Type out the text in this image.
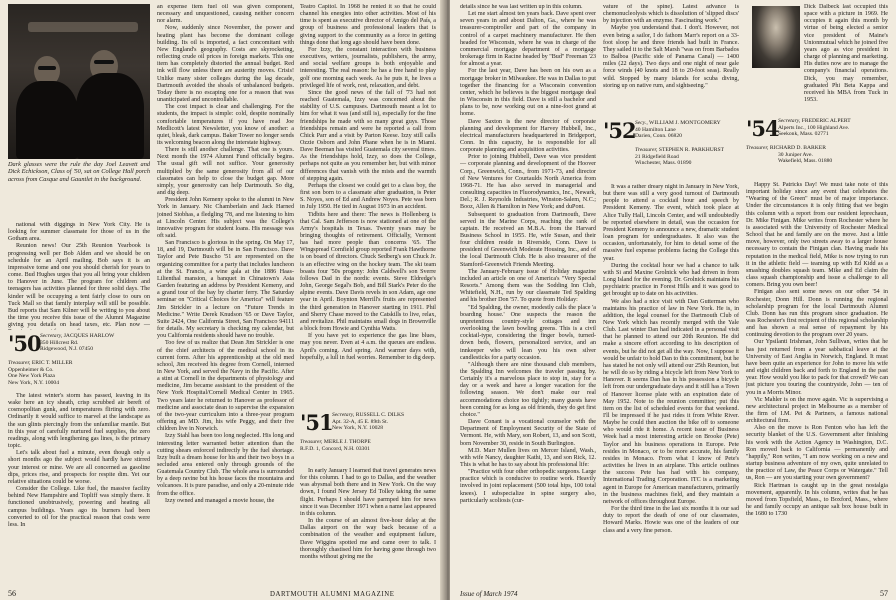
Dark glasses were the rule the day Joel Leavett and Dick Echickson, Class of '50, sat on College Hall porch across from Casque and Gauntlet in the background.

national with diggings in New York City. He is looking for summer classmate for those of us in the Gotham area.

Reunion news! Our 25th Reunion Yearbook is progressing well per Bob Alden and we should be on schedule for an April mailing. Bob says it is an impressive tome and one you should cherish for years to come. Bud Hughes urges that you all bring your children to Hanover in June. The program for children and teenagers has activities planned for three solid days. The kinder will be occupying a tent fairly close to ours on Tuck Mall so that family interplay will still be possible. Bud reports that Sam Kilner will be writing to you about the time you receive this issue of the Alumni Magazine giving you details on head taxes, etc. Plan now —

'50 Secretary, JACQUES HARLOW
350 Hillcrest Rd.
Ridgewood, N.J. 07450
Treasurer, ERIC T. MILLER
Oppenheimer & Co.
One New York Plaza
New York, N.Y. 10004

The latest winter's storm has passed, leaving in its wake here an icy sheath, crisp scrubbed air bereft of cosmopolitan gunk, and temperatures flirting with zero. Ordinarily it would suffice to marvel at the landscape as the sun glints piercingly from the unfamiliar mantle. But in this year of carefully nurtured fuel supplies, the zero readings, along with lengthening gas lines, is the primary topic.

Let's talk about fuel a minute, even though only a short months ago the subject would hardly have stirred your interest or mine. We are all concerned as gasoline dips, prices rise, and prospects for respite dim. Yet our relative situations could be worse.

Consider the College. Like fuel, the massive facility behind New Hampshire and Topliff was simply there. It functioned unobtrusively, powering and heating all campus buildings. Years ago its burners had been converted to oil for the practical reason that costs were less. In

an expense item fuel oil was given component, necessary and unquestioned, causing neither concern nor alarm.

Now, suddenly since November, the power and heating plant has become the dominant college building. Its oil is imported, a fact concomitant with New England's geography. Costs are skyrocketing, reflecting crude oil prices in foreign markets. This one item has completely distorted the annual budget. Red ink will flow unless there are austerity moves. Crisis! Unlike many sister colleges during the lag decade, Dartmouth avoided the shoals of unbalanced budgets. Today there is no escaping one for a reason that was unanticipated and uncontrollable.

The cost impact is clear and challenging. For the students, the impact is simple: cold, despite nominally comfortable temperatures if you have read Joe Medlicott's latest Newsletter, you know of another: a quiet, bleak, dark campus. Baker Tower no longer sends its welcoming beacon along the interstate highway.

There is still another challenge. That one is yours. Next month the 1974 Alumni Fund officially begins. The usual gift will not suffice. Your generosity multiplied by the same generosity from all of our classmates can help to close the budget gap. More simply, your generosity can help Dartmouth. So dig, and dig deep.

President John Kemeny spoke to the alumni in New York in January. Nic Chamberlain and Jack Harned joined Siobhas, a fledgling '78, and me listening to him at Lincoln Center. His subject was the College's innovative program for student loans. His message was oft said.

San Francisco is glorious in the spring. On May 17, 18, and 19, Dartmouth will be in San Francisco. Dave Taylor and Pete Buscho '51 are represented on the organizing committee for a party that includes luncheon at the St. Francis, a wine gala at the 1886 Haas-Lilienthal mansion, a banquet in Chinatown's Asia Garden featuring an address by President Kemeny, and a grand tour of the bay by charter ferry. The Saturday seminar on "Critical Choices for America" will feature Jim Strickler in a lecture on "Future Trends in Medicine." Write Derek Knudson '65 or Dave Taylor, Suite 2424, One California Street, San Francisco 94111 for details. My secretary is checking my calendar, but you California residents should have no trouble.

Too few of us realize that Dean Jim Strickler is one of the chief architects of the medical school in its current form. After his apprenticeship at the old med school, Jim received his degree from Cornell, interned in New York, and served the Navy in the Pacific. After a stint at Cornell in the departments of physiology and medicine, Jim became assistant to the president of the New York Hospital/Cornell Medical Center in 1965. Two years later he returned to Hanover as professor of medicine and associate dean to supervise the expansion of the two-year curriculum into a three-year program offering an MD. Jim, his wife Peggy, and their five children live in Norwich.

Izzy Stahl has been too long neglected. His long and interesting letter warranted better attention than the cutting shears enforced indirectly by the fuel shortage. Izzy built a dream house for his and their two boys in a secluded area entered only through grounds of the Guatemala Country Club. The whole area is surrounded by a deep ravine but his house faces the mountains and volcanoes. It is pure paradise, and only a 20-minute ride from the office.

Izzy owned and managed a movie house, the

Teatro Capitol. In 1968 he rented it so that he could channel his energies into other activities. Most of his time is spent as executive director of Amigo del País, a group of business and professional leaders that is giving support to the community as a force in getting things done that long ago should have been done.

For Izzy, the constant interaction with business executives, writers, journalists, publishers, the army, and social welfare groups is both enjoyable and interesting. The real reason: he has a free hand to play golf one morning each week. As he puts it, he lives a privileged life of work, rest, relaxation, and debt.

Since the good news of the fall of '73 had not reached Guatemala, Izzy was concerned about the stability of U.S. campuses. Dartmouth meant a lot to him for what it was (and still is), especially for the fine friendships he made with so many great guys. Those friendships remain and were he reported a call from Chick Parr and a visit by Parton Keese. Izzy still calls Ozzie Osborn and John Phane when he is in Miami. Dave Beeman has visited Guatemala city several times. As the friendships hold, Izzy, so does the College, perhaps not quite as you remember her, but with minor differences that vanish with the mists and the warmth of stepping again.

Perhaps the closest we could get to a class boy, the first son born to a classmate after graduation, is Peter S. Noyes, son of Ed and Andrew Noyes. Pete was born in July 1950. He tied in August 1973 in an accident.

Tidbits here and there: The news is Hollenberg is that Cal. Sam Jefferson is now stationed at one of the Army's hospitals in Texas. Twenty years may be bringing thoughts of retirement. Officially, Vermont has had more people than concerns '65. The Wingspread Cornfield group reported Frank Hawthorne is on board of directors. Chuck Sedberg's son Chuck Jr. is an effective wing on the hockey team. The ski team boasts four '50s progeny: John Caldwell's son Sverre follows Dad in the nordic events. Steve Eldredge's John, George Segal's Bob, and Bill Stark's Peter do the alpine events. Dave Davis revels in son Adam, age one year in April. Boynton Merrill's fruits are represented the third generation in Hanover starting in 1911. Phil and Sherry Chase moved to the Catskills to live, relax, and revitalize. Phil maintains small dogs in Brownville a block from Howie and Cynthia Watts.

If you have yet to experience the gas line blues, may you never. Even at 4 a.m. the queues are endless. April's coming. And spring. And warmer days with, hopefully, a lull in fuel worries. Remember to dig deep.

'51 Secretary, RUSSELL C. DILKS
Apt. 32-A, 45 E. 89th St.
New York, N.Y. 10028
Treasurer, MERLE J. THORPE
R.F.D. 1, Concord, N.H. 03301

In early January I learned that travel generates news for this column. I had to go to Dallas, and the weather was abysmal both there and in New York. On the way down, I found New Jersey Ed Tolley taking the same flight. Perhaps I should have parmped him for news since it was December 1971 when a name last appeared in this column.

In the course of an almost five-hour delay at the Dallas airport on the way back because of a combination of the weather and equipment failure, Dave Wiggins spotted me and came over to talk. I thoroughly chastised him for having gone through two months without giving me the

56	DARTMOUTH ALUMNI MAGAZINE

details since he was last written up in this column.

Let me start almost ten years back. Dave spent over seven years in and about Dalton, Ga., where he was treasurer-comptroller and part of the company in control of a carpet machinery manufacturer. He then headed for Wisconsin, where he was in charge of the commercial mortgage department of a mortgage brokerage firm in Racine headed by "Bud" Freeman '23 for almost a year.

For the last year, Dave has been on his own as a mortgage broker in Milwaukee. He was in Dallas to put together the financing for a Wisconsin convention center, which he believes is the biggest mortgage deal in Wisconsin in this field. Dave is still a bachelor and plans to be, now working out on a nine-foot grand at home.

Dave Saxton is the new director of corporate planning and development for Harvey Hubbell, Inc., electrical manufacturers headquartered in Bridgeport, Conn. In this capacity, he is responsible for all corporate planning and acquisition activities.

Prior to joining Hubbell, Dave was vice president — corporate planning and development of the Hoover Corp., Greenwich, Conn., from 1971-73, and director of New Ventures for Courtaulds North America from 1968-71. He has also served in managerial and consulting capacities in Fluorodynamics, Inc., Newark, Del.; R. J. Reynolds Industries, Winston-Salem, N.C.; Booz, Allen & Hamilton in New York; and duPont.

Subsequent to graduation from Dartmouth, Dave served in the Marine Corps, reaching the rank of captain. He received an M.B.A. from the Harvard Business School in 1955. He, wife Susan, and their four children reside in Riverside, Conn. Dave is president of Greenwich Moderate Housing, Inc., and of the local Dartmouth Club. He is also treasurer of the Stamford-Greenwich Friends Meeting.

The January-February issue of Holiday magazine included an article on one of America's "Very Special Resorts." Among them was the Sodding Inn Club, Whitefield, N.H., run by our classmate Ted Spalding and his brother Don '57. To quote from Holiday:

"Ed Spalding, the owner, modestly calls the place 'a boarding house.' One suspects the reason the unpretentious country-style cottages and inn overlooking the lawn bowling greens. This is a civil cocktail-type, considering the finger bowls, turned-down beds, flowers, personalized service, and an innkeeper who will lean you his own silver candlesticks for a party occasion.

"Although there are nine thousand club members, the Spalding Inn welcomes the traveler passing by. Certainly it's a marvelous place to stop in, stay for a day or a week and have a longer vacation for the following season. We don't make our real accommodations choice too tightly; many guests have been coming for as long as old friends, they do get first choice."

Dave Conant is a vocational counselor with the Department of Employment Security of the State of Vermont. He, with Mary, son Robert, 13, and son Scott, born November 30, reside in South Burlington.

M.D. Marr Mullen lives on Mercer Island, Wash., with wife Nancy, daughter Kathi, 13, and son Rick, 12. This is what he has to say about his professional life:

"Practice with four other orthopedic surgeons. Large practice which is conducive to routine work. Heavily involved in joint replacement (500 total hips, 100 total knees). I subspecialize in spine surgery also, particularly scoliosis (cur-

vature of the spine). Latest advance is chemonucleolysis which is dissolution of 'slipped discs' by injection with an enzyme. Fascinating work."

Maybe you understand that. I don't. However, not even being a sailor, I do fathom Marr's report on a 33-foot sloop he and three friends had built in France. They sailed it to the Salt Marsh "was on from Barbados to Balboa (Pacific side of Panama Canal) — 1400 miles (22 days). Two days and one night of near gale force winds (40 knots and 18 to 20-foot seas). Really wild. Stopped by many islands for scuba diving, storing up on native rum, and sightseeing."

'52 Secy., WILLIAM J. MONTGOMERY
40 Hamilton Lane
Darien, Conn. 06820
Treasurer, STEPHEN R. PARKHURST
21 Ridgefield Road
Winchester, Mass. 01890

It was a rather dreary night in January in New York, but there was still a very good turnout of Dartmouth people to attend a cocktail hour and speech by President Kemeny. The event, which took place at Alice Tully Hall, Lincoln Center, and will undoubtedly be reported elsewhere in detail, was the occasion for President Kemeny to announce a new, dramatic student loan program for undergraduates. It also was the occasion, unfortunately, for him to detail some of the massive fuel expense problems facing the College this year.

During the cocktail hour we had a chance to talk with Si and Maxine Grolnick who had driven in from Long Island for the evening. Dr. Grolnick maintains his psychiatric practice in Forest Hills and it was good to get brought up to date on his activities.

We also had a nice visit with Dan Gutterman who maintains his practice of law in New York. He is, in addition, the legal counsel for the Dartmouth Club of New York which has recently merged with the Yale Club. Last winter Dan had indicated in a personal visit that he planned to attend our 20th Reunion. He did make a sincere effort according to his description of events, but he did not get all the way. Now, I suppose it would be unfair to hold Dan to this commitment, but he has stated he not only will attend our 25th Reunion, but he will do so by riding a bicycle left from New York to Hanover. It seems Dan has in his possession a bicycle left from our undergraduate days and it still has a Town of Hanover license plate with an expiration date of May 1952. Note to the reunion committee; put this item on the list of scheduled events for that weekend. I'll be impressed if he just rides it from White River. Maybe he could then auction the bike off to someone who would ride it home. A recent issue of Business Week had a most interesting article on Brooke (Pete) Taylor and his business operations in Europe. Pete resides in Monaco, or to be more accurate, his family resides in Monaco. From what I know of Pete's activities he lives in an airplane. This article outlines the success Pete has had with his company, International Trading Corporation. ITC is a marketing agent in Europe for American manufacturers, primarily in the business machines field, and they maintain a network of offices throughout Europe.

For the third time in the last six months it is our sad duty to report the death of one of our classmates, Howard Marks. Howie was one of the leaders of our class and a very fine person.

Dick Dalbeck last occupied this space with a picture in 1969. He occupies it again this month by virtue of being elected a senior vice president of Maine's Unionmutual which he joined five years ago as vice president in charge of planning and marketing. His duties now are to manage the company's financial operations. Dick, you may remember, graduated Phi Beta Kappa and received his MBA from Tuck in 1953.

'54 Secretary, FREDERIC ALPERT
Alperts Inc., 100 Highland Ave.
Seekonk, Mass. 02771
Treasurer, RICHARD D. BARKER
30 Juniper Ave.
Wakefield, Mass. 01880

Happy St. Patricks Day! We must take note of this important holiday since any event that celebrates the "Wearing of the Green" must be of major importance. Under the circumstances it is only fitting that we begin this column with a report from our resident leprechaun, Dr. Mike Finigan. Mike writes from Rochester where he is associated with the University of Rochester Medical School that he and family are on the move. Just a little move, however, only two streets away to a larger house necessary to contain the Finigan clan. Having made his reputation in the medical field, Mike is now trying to run it in the athletic field — teaming up with Ed Kidd as a smashing doubles squash team. Mike and Ed claim the class squash championship and issue a challenge to all comers. Bring you own beer!

Finigan also sent some news on our other '54 in Rochester, Donn Hill. Donn is running the regional scholarship program for the local Dartmouth Alumni Club. Donn has run this program since graduation. He was Rochester's first recipient of this regional scholarship and has shown a real sense of repayment by his continuing devotion to the program over 20 years.

Our Ypsilanti Irishman, John Sullivan, writes that he has just returned from a year sabbatical leave at the University of East Anglia in Norwich, England. It must have been quite an experience for John to move his wife and eight children back and forth to England in the past year. How would you like to pack for that crowd? We can just picture you touring the countryside, John — ten of you in a Morris Minor.

Vic Mahler is on the move again. Vic is supervising a new architectural project in Melbourne as a member of the firm of I.M. Pei & Partners, a famous national architectural firm.

Also on the move is Ron Fenton who has left the security blanket of the U.S. Government after finishing his work with the Action Agency in Washington, D.C. Ron moved back to California — permanently and "happily," Ron writes, "I am now working on a new and startup business adventure of my own, quite unrelated to the practice of Law, the Peace Corps or Watergate." Tell us, Ron — are you starting your own government?

Rick Hartman is caught up in the great nostalgia movement, apparently. In his column, writes that he has moved from Topsfield, Mass., to Boxford, Mass., where he and family occupy an antique salt box house built in the 1680 to 1730

Issue of March 1974	57
